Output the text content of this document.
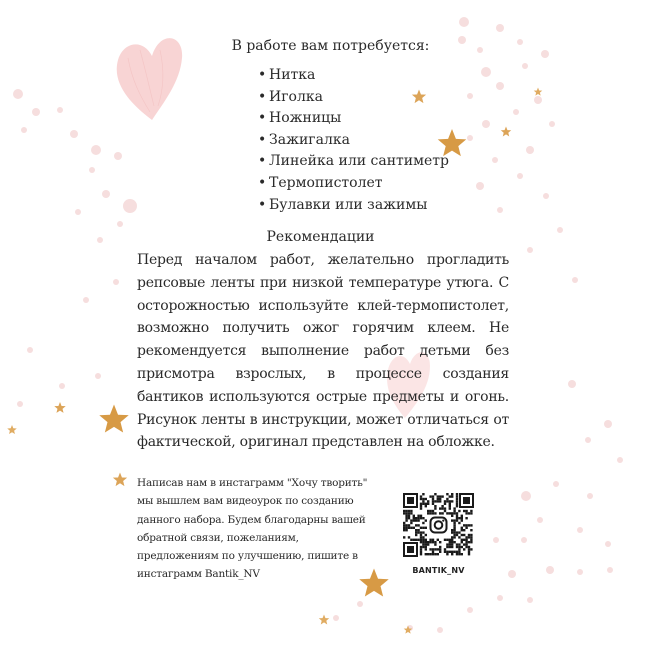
В работе вам потребуется:
• Нитка
• Иголка
• Ножницы
• Зажигалка
• Линейка или сантиметр
• Термопистолет
• Булавки или зажимы
Рекомендации

Перед началом работ, желательно прогладить репсовые ленты при низкой температуре утюга. С осторожностью используйте клей-термопистолет, возможно получить ожог горячим клеем. Не рекомендуется выполнение работ детьми без присмотра взрослых, в процессе создания бантиков используются острые предметы и огонь. Рисунок ленты в инструкции, может отличаться от фактической, оригинал представлен на обложке.

Написав нам в инстаграмм "Хочу творить" мы вышлем вам видеоурок по созданию данного набора. Будем благодарны вашей обратной связи, пожеланиям, предложениям по улучшению, пишите в инстаграмм Bantik_NV	BANTIK_NV
